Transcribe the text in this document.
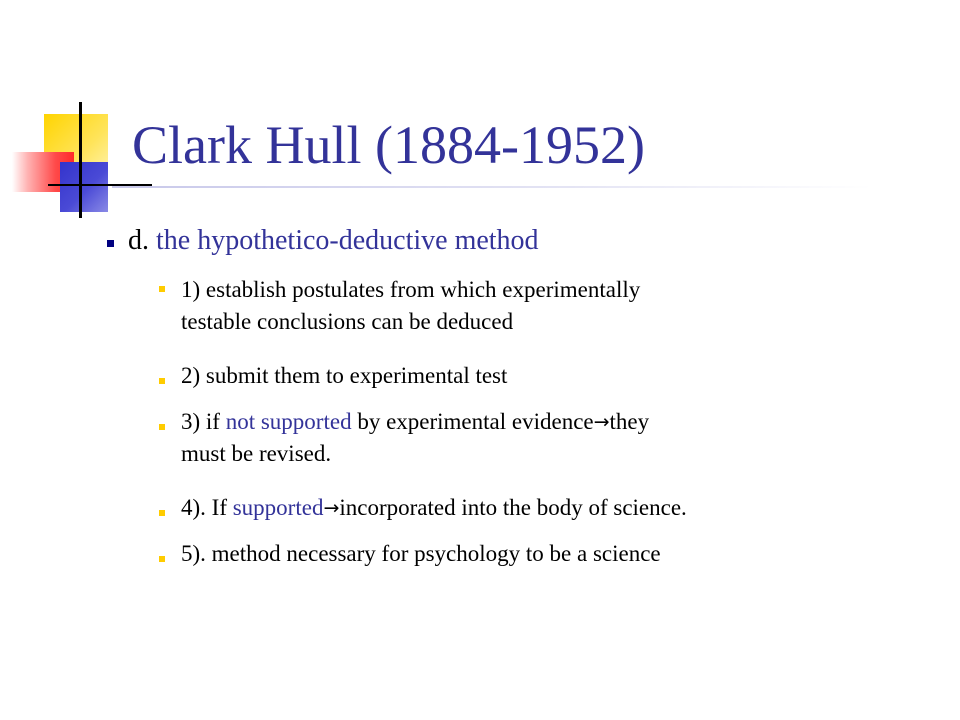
Clark Hull (1884-1952)
d. the hypothetico-deductive method
1) establish postulates from which experimentally
testable conclusions can be deduced
2) submit them to experimental test
3) if not supported by experimental evidence→they
must be revised.
4). If supported→incorporated into the body of science.
5). method necessary for psychology to be a science
